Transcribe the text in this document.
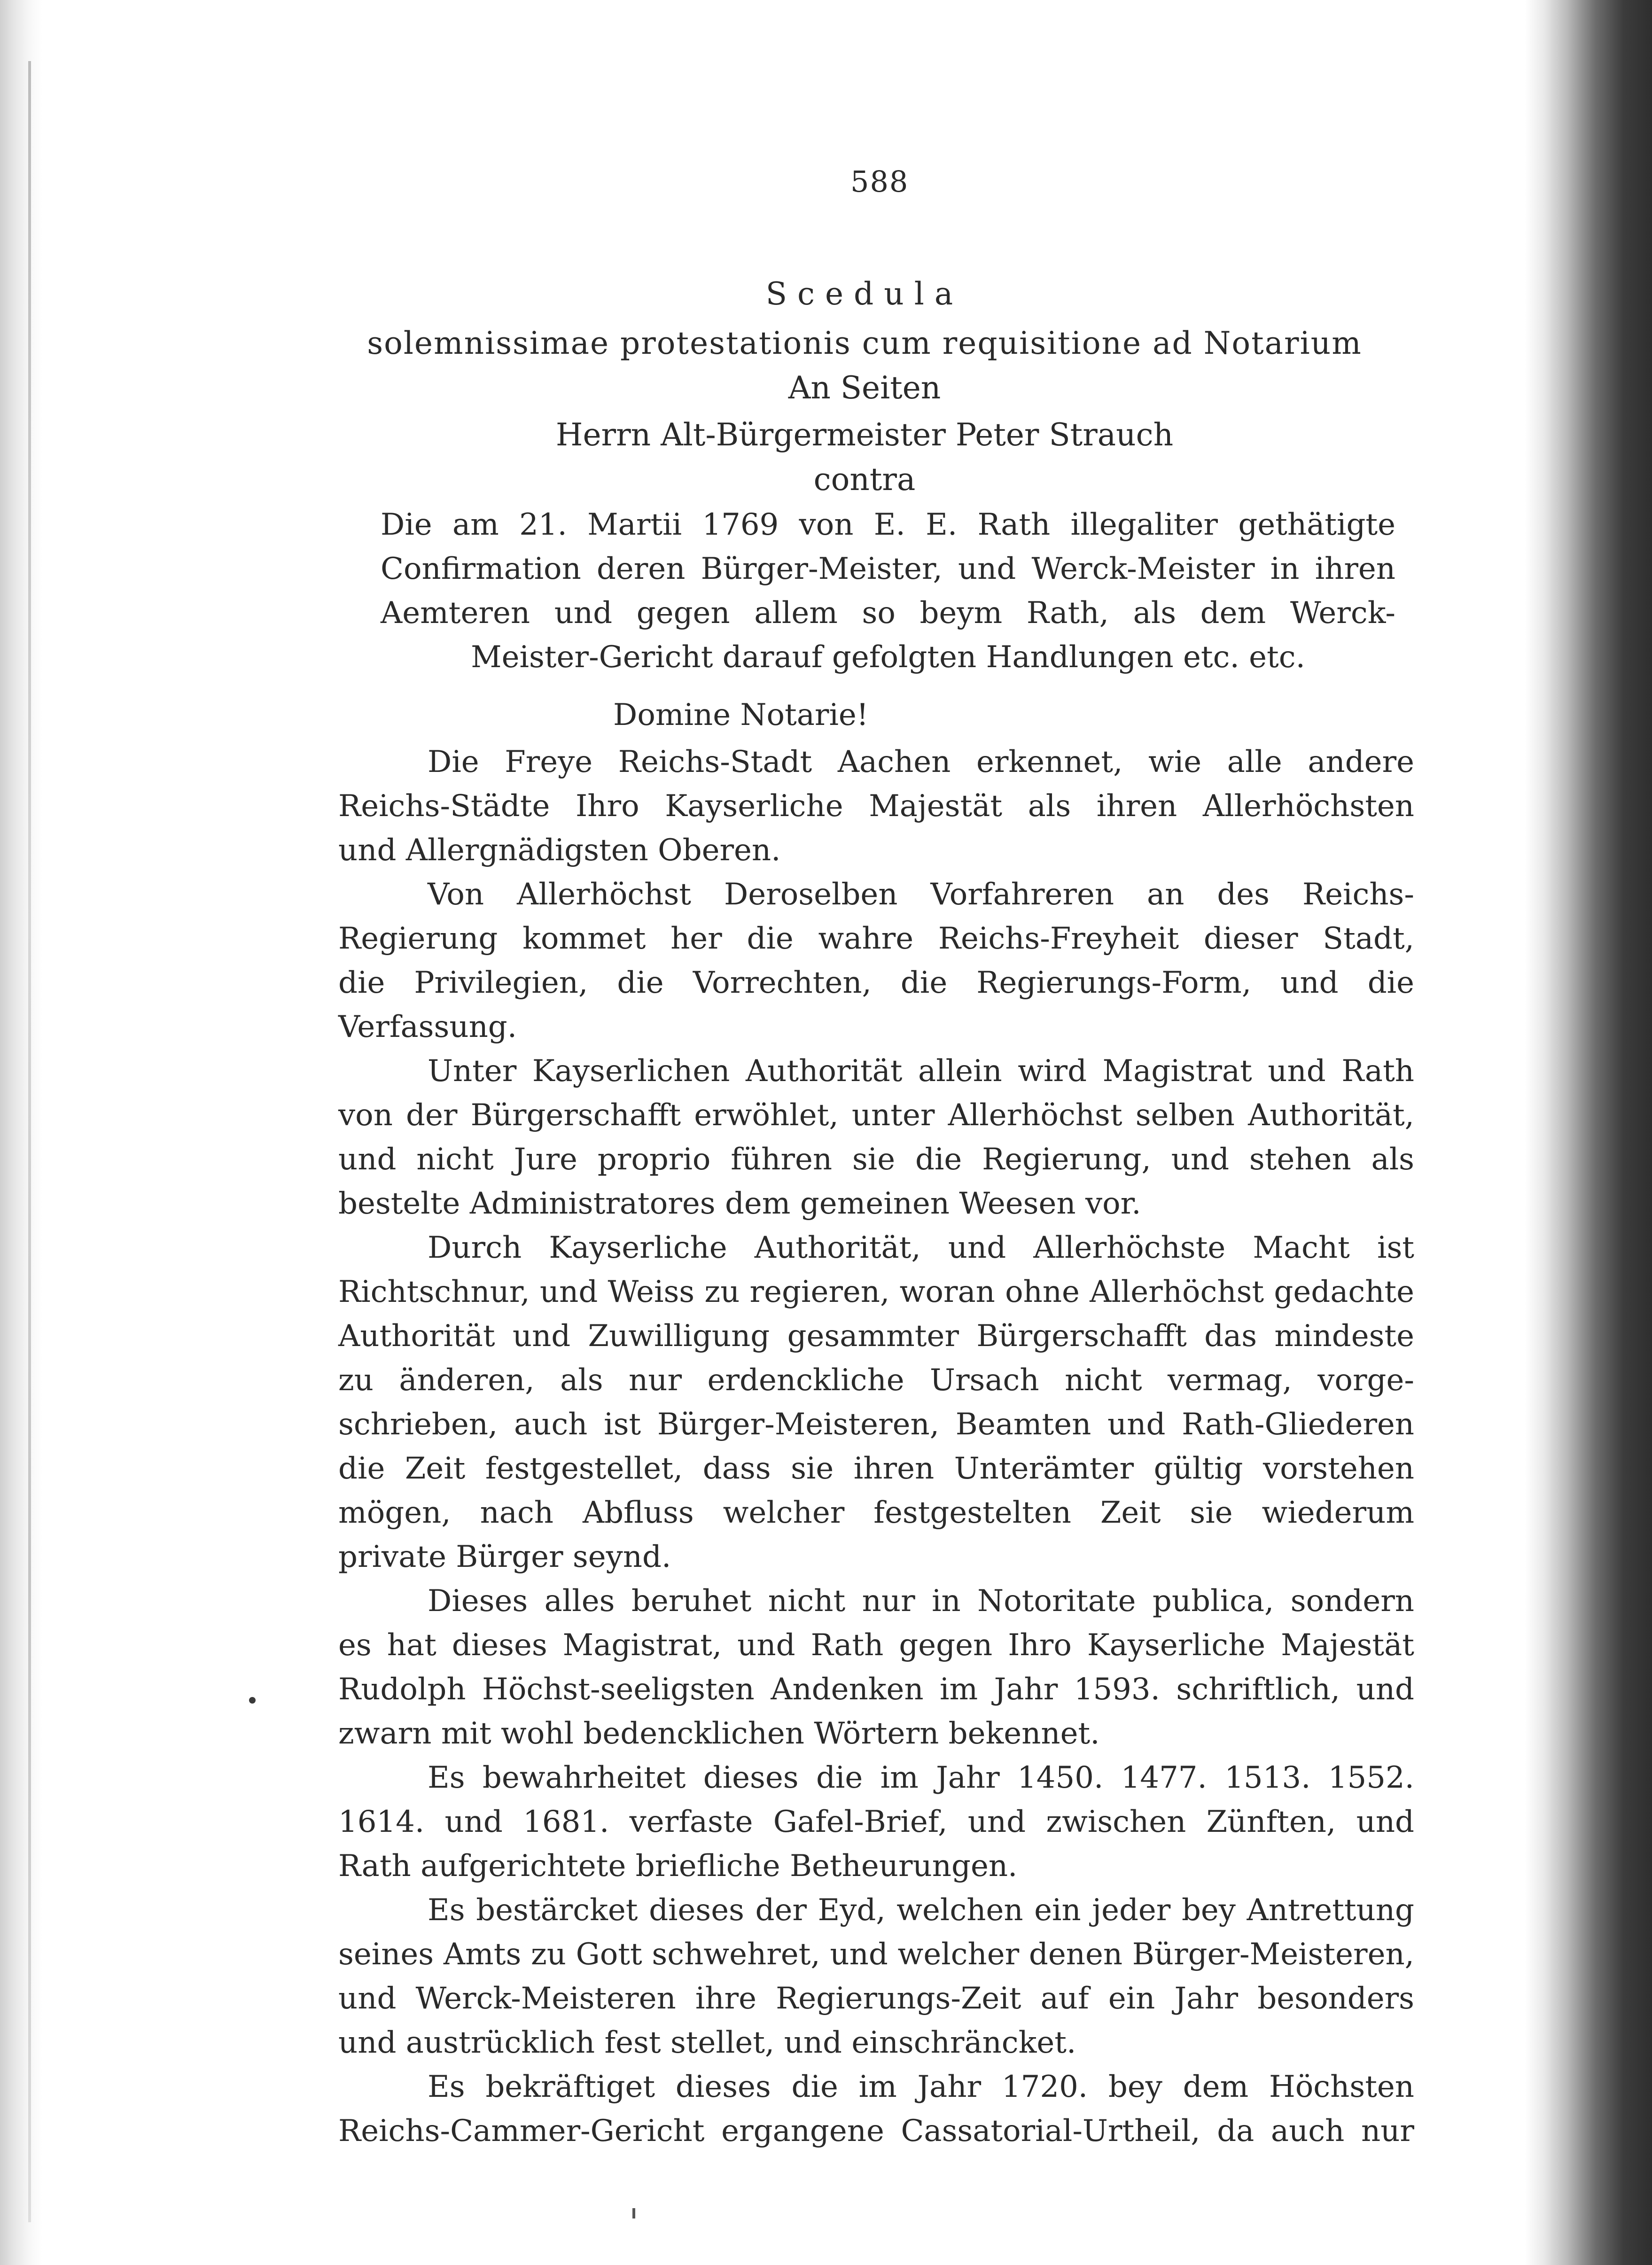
588
Scedula
solemnissimae protestationis cum requisitione ad Notarium
An Seiten
Herrn Alt-Bürgermeister Peter Strauch
contra
Die am 21. Martii 1769 von E. E. Rath illegaliter gethätigte
Confirmation deren Bürger-Meister, und Werck-Meister in ihren
Aemteren und gegen allem so beym Rath, als dem Werck-
Meister-Gericht darauf gefolgten Handlungen etc. etc.
Domine Notarie!
Die Freye Reichs-Stadt Aachen erkennet, wie alle andere
Reichs-Städte Ihro Kayserliche Majestät als ihren Allerhöchsten
und Allergnädigsten Oberen.
Von Allerhöchst Deroselben Vorfahreren an des Reichs-
Regierung kommet her die wahre Reichs-Freyheit dieser Stadt,
die Privilegien, die Vorrechten, die Regierungs-Form, und die
Verfassung.
Unter Kayserlichen Authorität allein wird Magistrat und Rath
von der Bürgerschafft erwöhlet, unter Allerhöchst selben Authorität,
und nicht Jure proprio führen sie die Regierung, und stehen als
bestelte Administratores dem gemeinen Weesen vor.
Durch Kayserliche Authorität, und Allerhöchste Macht ist
Richtschnur, und Weiss zu regieren, woran ohne Allerhöchst gedachte
Authorität und Zuwilligung gesammter Bürgerschafft das mindeste
zu änderen, als nur erdenckliche Ursach nicht vermag, vorge-
schrieben, auch ist Bürger-Meisteren, Beamten und Rath-Gliederen
die Zeit festgestellet, dass sie ihren Unterämter gültig vorstehen
mögen, nach Abfluss welcher festgestelten Zeit sie wiederum
private Bürger seynd.
Dieses alles beruhet nicht nur in Notoritate publica, sondern
es hat dieses Magistrat, und Rath gegen Ihro Kayserliche Majestät
Rudolph Höchst-seeligsten Andenken im Jahr 1593. schriftlich, und
zwarn mit wohl bedencklichen Wörtern bekennet.
Es bewahrheitet dieses die im Jahr 1450. 1477. 1513. 1552.
1614. und 1681. verfaste Gafel-Brief, und zwischen Zünften, und
Rath aufgerichtete briefliche Betheurungen.
Es bestärcket dieses der Eyd, welchen ein jeder bey Antrettung
seines Amts zu Gott schwehret, und welcher denen Bürger-Meisteren,
und Werck-Meisteren ihre Regierungs-Zeit auf ein Jahr besonders
und austrücklich fest stellet, und einschräncket.
Es bekräftiget dieses die im Jahr 1720. bey dem Höchsten
Reichs-Cammer-Gericht ergangene Cassatorial-Urtheil, da auch nur
